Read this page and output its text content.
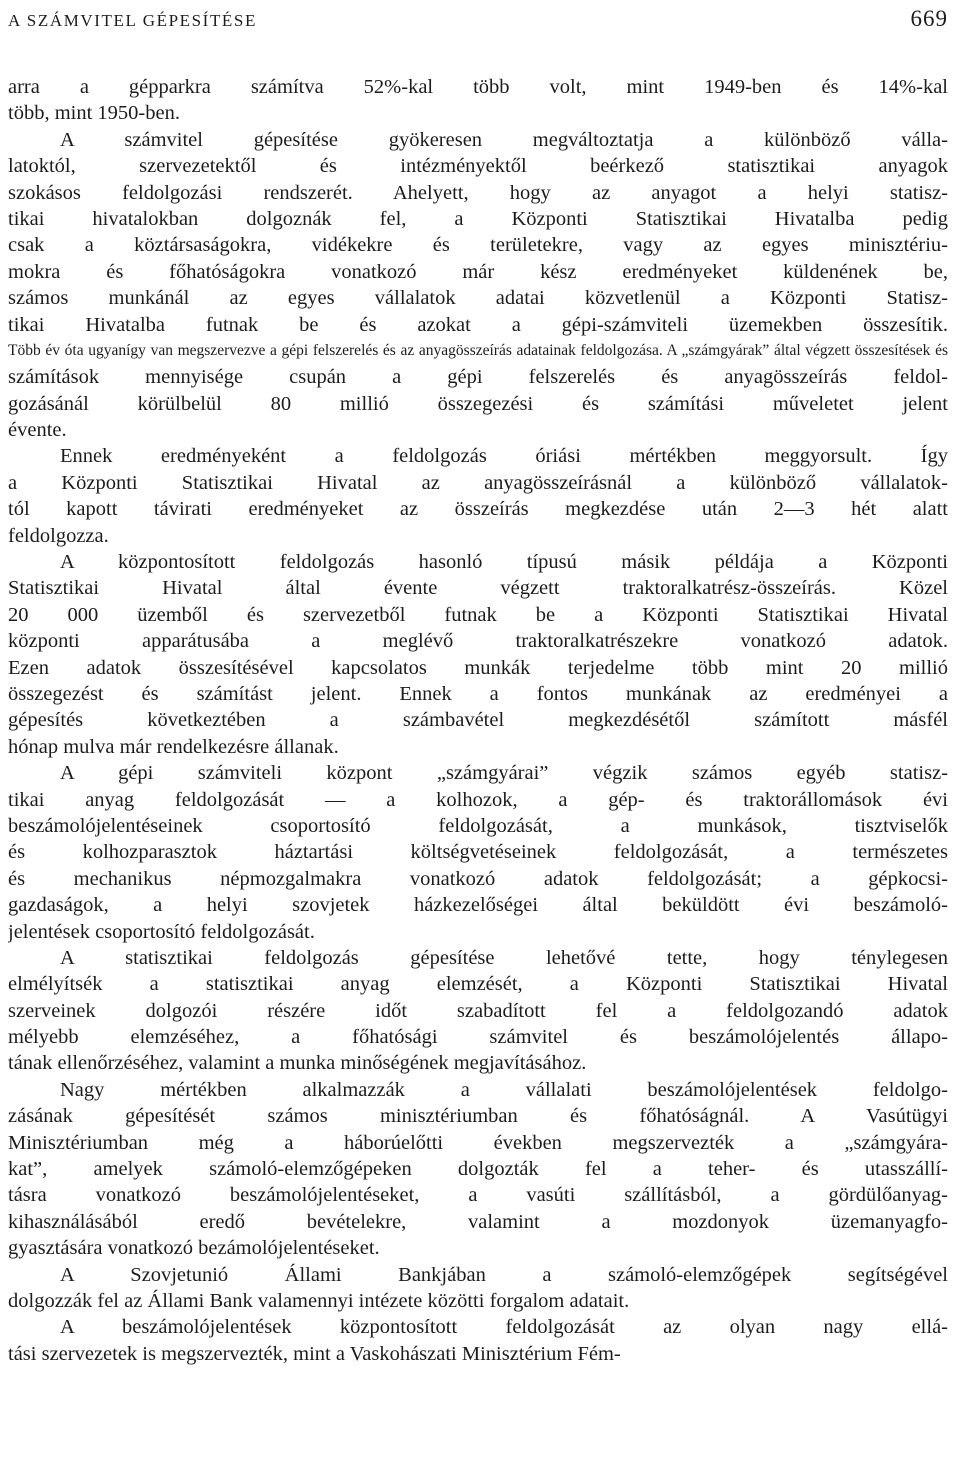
A SZÁMVITEL GÉPESÍTÉSE	669
arra a gépparkra számítva 52%-kal több volt, mint 1949-ben és 14%-kal
több, mint 1950-ben.
A számvitel gépesítése gyökeresen megváltoztatja a különböző válla-
latoktól, szervezetektől és intézményektől beérkező statisztikai anyagok
szokásos feldolgozási rendszerét. Ahelyett, hogy az anyagot a helyi statisz-
tikai hivatalokban dolgoznák fel, a Központi Statisztikai Hivatalba pedig
csak a köztársaságokra, vidékekre és területekre, vagy az egyes minisztériu-
mokra és főhatóságokra vonatkozó már kész eredményeket küldenének be,
számos munkánál az egyes vállalatok adatai közvetlenül a Központi Statisz-
tikai Hivatalba futnak be és azokat a gépi-számviteli üzemekben összesítik.
Több év óta ugyanígy van megszervezve a gépi felszerelés és az anyagösszeírás adatainak feldolgozása. A „számgyárak” által végzett összesítések és
számítások mennyisége csupán a gépi felszerelés és anyagösszeírás feldol-
gozásánál körülbelül 80 millió összegezési és számítási műveletet jelent
évente.
Ennek eredményeként a feldolgozás óriási mértékben meggyorsult. Így
a Központi Statisztikai Hivatal az anyagösszeírásnál a különböző vállalatok-
tól kapott távirati eredményeket az összeírás megkezdése után 2—3 hét alatt
feldolgozza.
A központosított feldolgozás hasonló típusú másik példája a Központi
Statisztikai Hivatal által évente végzett traktoralkatrész-összeírás. Közel
20 000 üzemből és szervezetből futnak be a Központi Statisztikai Hivatal
központi apparátusába a meglévő traktoralkatrészekre vonatkozó adatok.
Ezen adatok összesítésével kapcsolatos munkák terjedelme több mint 20 millió
összegezést és számítást jelent. Ennek a fontos munkának az eredményei a
gépesítés következtében a számbavétel megkezdésétől számított másfél
hónap mulva már rendelkezésre állanak.
A gépi számviteli központ „számgyárai” végzik számos egyéb statisz-
tikai anyag feldolgozását — a kolhozok, a gép- és traktorállomások évi
beszámolójelentéseinek csoportosító feldolgozását, a munkások, tisztviselők
és kolhozparasztok háztartási költségvetéseinek feldolgozását, a természetes
és mechanikus népmozgalmakra vonatkozó adatok feldolgozását; a gépkocsi-
gazdaságok, a helyi szovjetek házkezelőségei által beküldött évi beszámoló-
jelentések csoportosító feldolgozását.
A statisztikai feldolgozás gépesítése lehetővé tette, hogy ténylegesen
elmélyítsék a statisztikai anyag elemzését, a Központi Statisztikai Hivatal
szerveinek dolgozói részére időt szabadított fel a feldolgozandó adatok
mélyebb elemzéséhez, a főhatósági számvitel és beszámolójelentés állapo-
tának ellenőrzéséhez, valamint a munka minőségének megjavításához.
Nagy mértékben alkalmazzák a vállalati beszámolójelentések feldolgo-
zásának gépesítését számos minisztériumban és főhatóságnál. A Vasútügyi
Minisztériumban még a háborúelőtti években megszervezték a „számgyára-
kat”, amelyek számoló-elemzőgépeken dolgozták fel a teher- és utasszállí-
tásra vonatkozó beszámolójelentéseket, a vasúti szállításból, a gördülőanyag-
kihasználásából eredő bevételekre, valamint a mozdonyok üzemanyagfo-
gyasztására vonatkozó bezámolójelentéseket.
A Szovjetunió Állami Bankjában a számoló-elemzőgépek segítségével
dolgozzák fel az Állami Bank valamennyi intézete közötti forgalom adatait.
A beszámolójelentések központosított feldolgozását az olyan nagy ellá-
tási szervezetek is megszervezték, mint a Vaskohászati Minisztérium Fém-
